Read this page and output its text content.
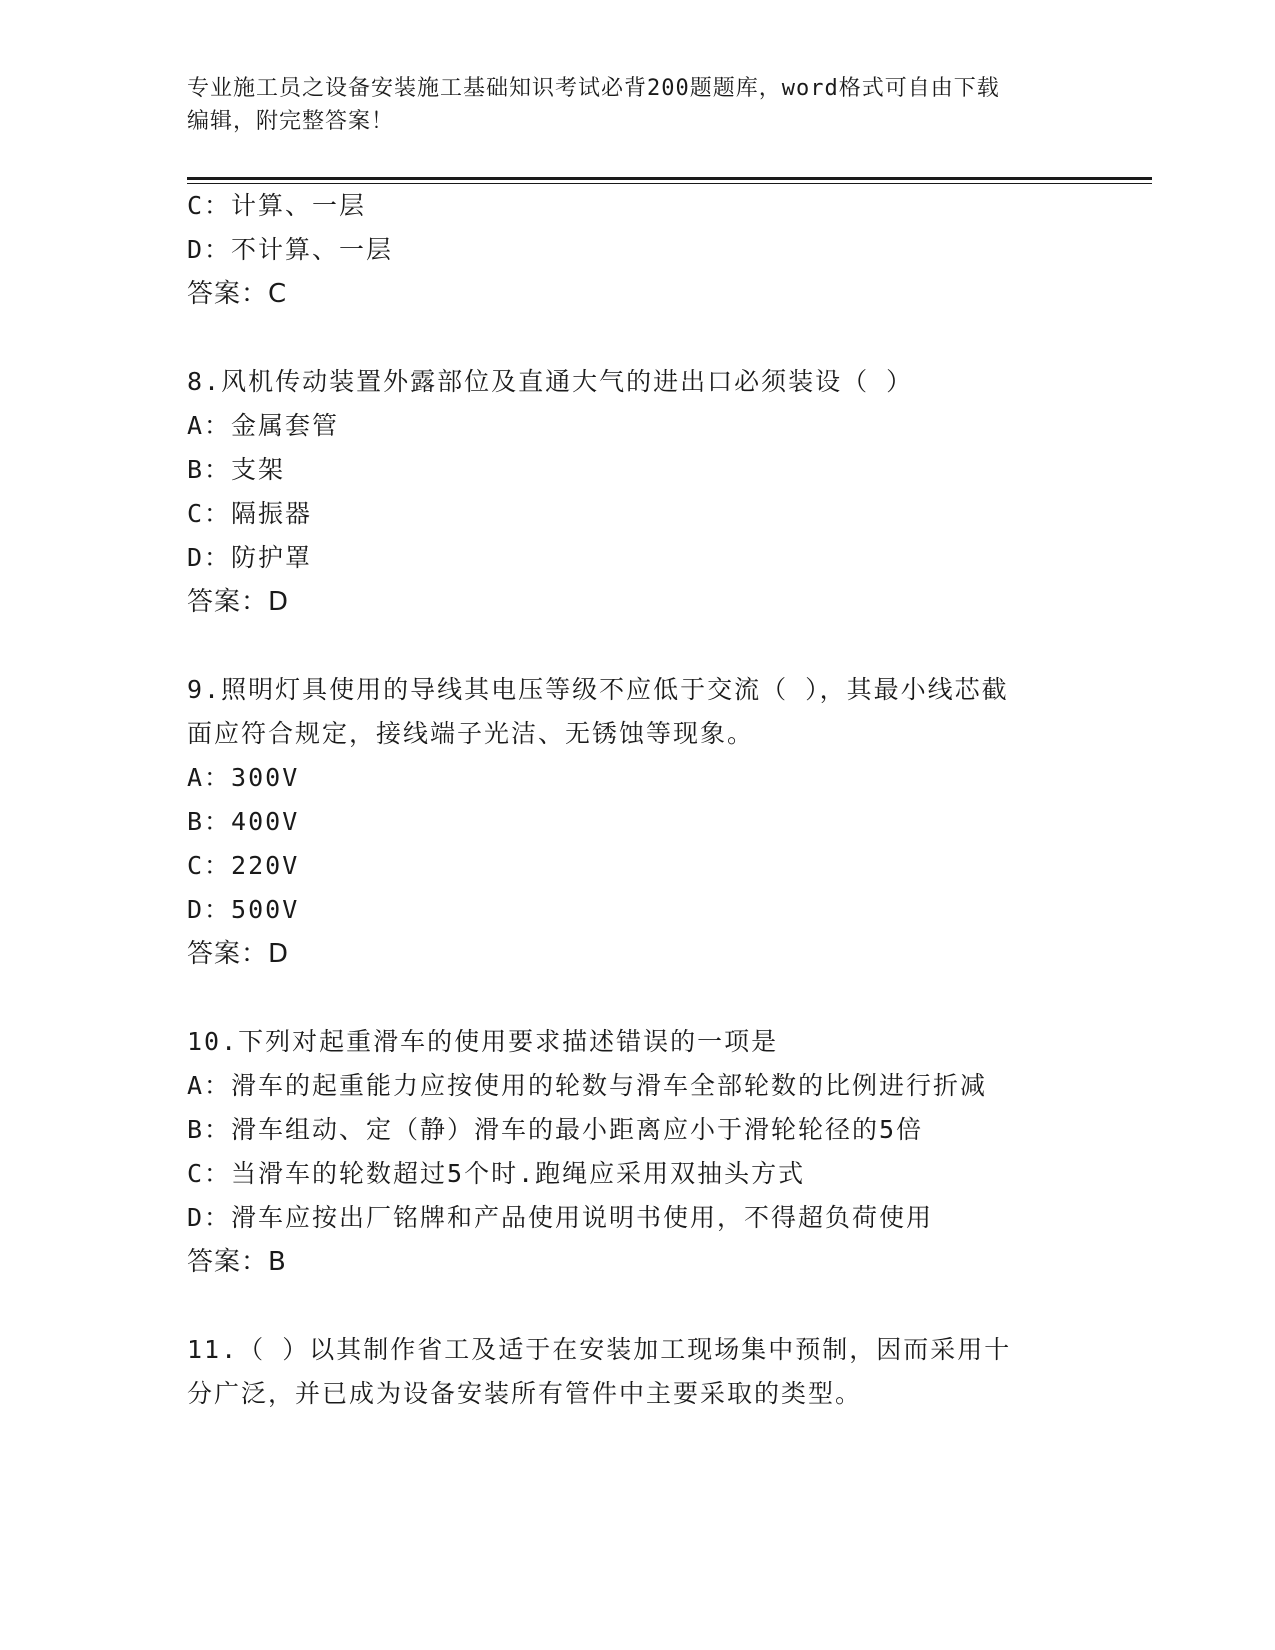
专业施工员之设备安装施工基础知识考试必背200题题库，word格式可自由下载
编辑，附完整答案！
C：计算、一层
D：不计算、一层
答案：C
8.风机传动装置外露部位及直通大气的进出口必须装设（ ）
A：金属套管
B：支架
C：隔振器
D：防护罩
答案：D
9.照明灯具使用的导线其电压等级不应低于交流（ ），其最小线芯截
面应符合规定，接线端子光洁、无锈蚀等现象。
A：300V
B：400V
C：220V
D：500V
答案：D
10.下列对起重滑车的使用要求描述错误的一项是
A：滑车的起重能力应按使用的轮数与滑车全部轮数的比例进行折减
B：滑车组动、定（静）滑车的最小距离应小于滑轮轮径的5倍
C：当滑车的轮数超过5个时.跑绳应采用双抽头方式
D：滑车应按出厂铭牌和产品使用说明书使用，不得超负荷使用
答案：B
11.（ ）以其制作省工及适于在安装加工现场集中预制，因而采用十
分广泛，并已成为设备安装所有管件中主要采取的类型。
